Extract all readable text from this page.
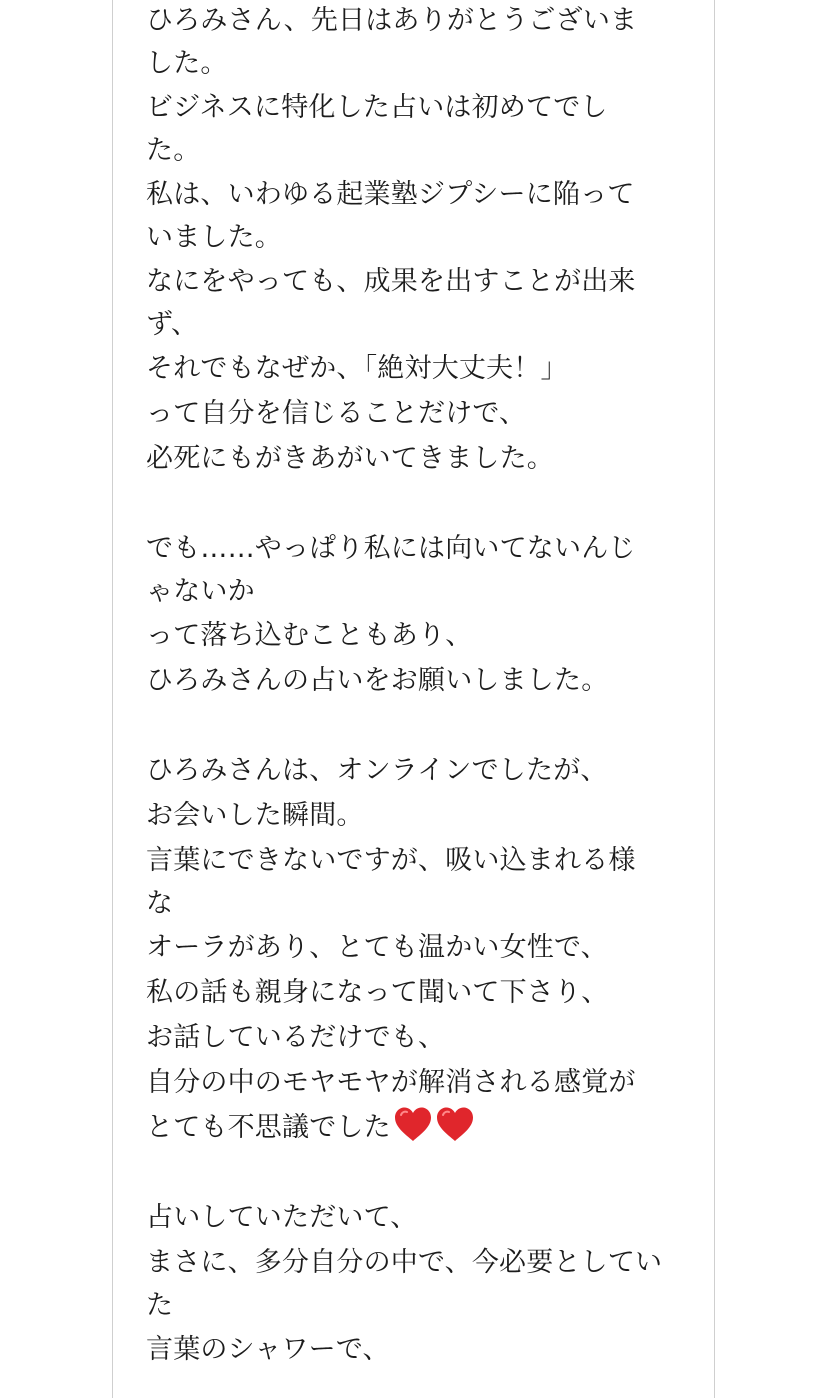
ひろみさん、先日はありがとうございま
した。
ビジネスに特化した占いは初めてでし
た。
私は、いわゆる起業塾ジプシーに陥って
いました。
なにをやっても、成果を出すことが出来
ず、
それでもなぜか、「絶対大丈夫！」
って自分を信じることだけで、
必死にもがきあがいてきました。
でも……やっぱり私には向いてないんじ
ゃないか
って落ち込むこともあり、
ひろみさんの占いをお願いしました。
ひろみさんは、オンラインでしたが、
お会いした瞬間。
言葉にできないですが、吸い込まれる様
な
オーラがあり、とても温かい女性で、
私の話も親身になって聞いて下さり、
お話しているだけでも、
自分の中のモヤモヤが解消される感覚が
とても不思議でした
占いしていただいて、
まさに、多分自分の中で、今必要としてい
た
言葉のシャワーで、
